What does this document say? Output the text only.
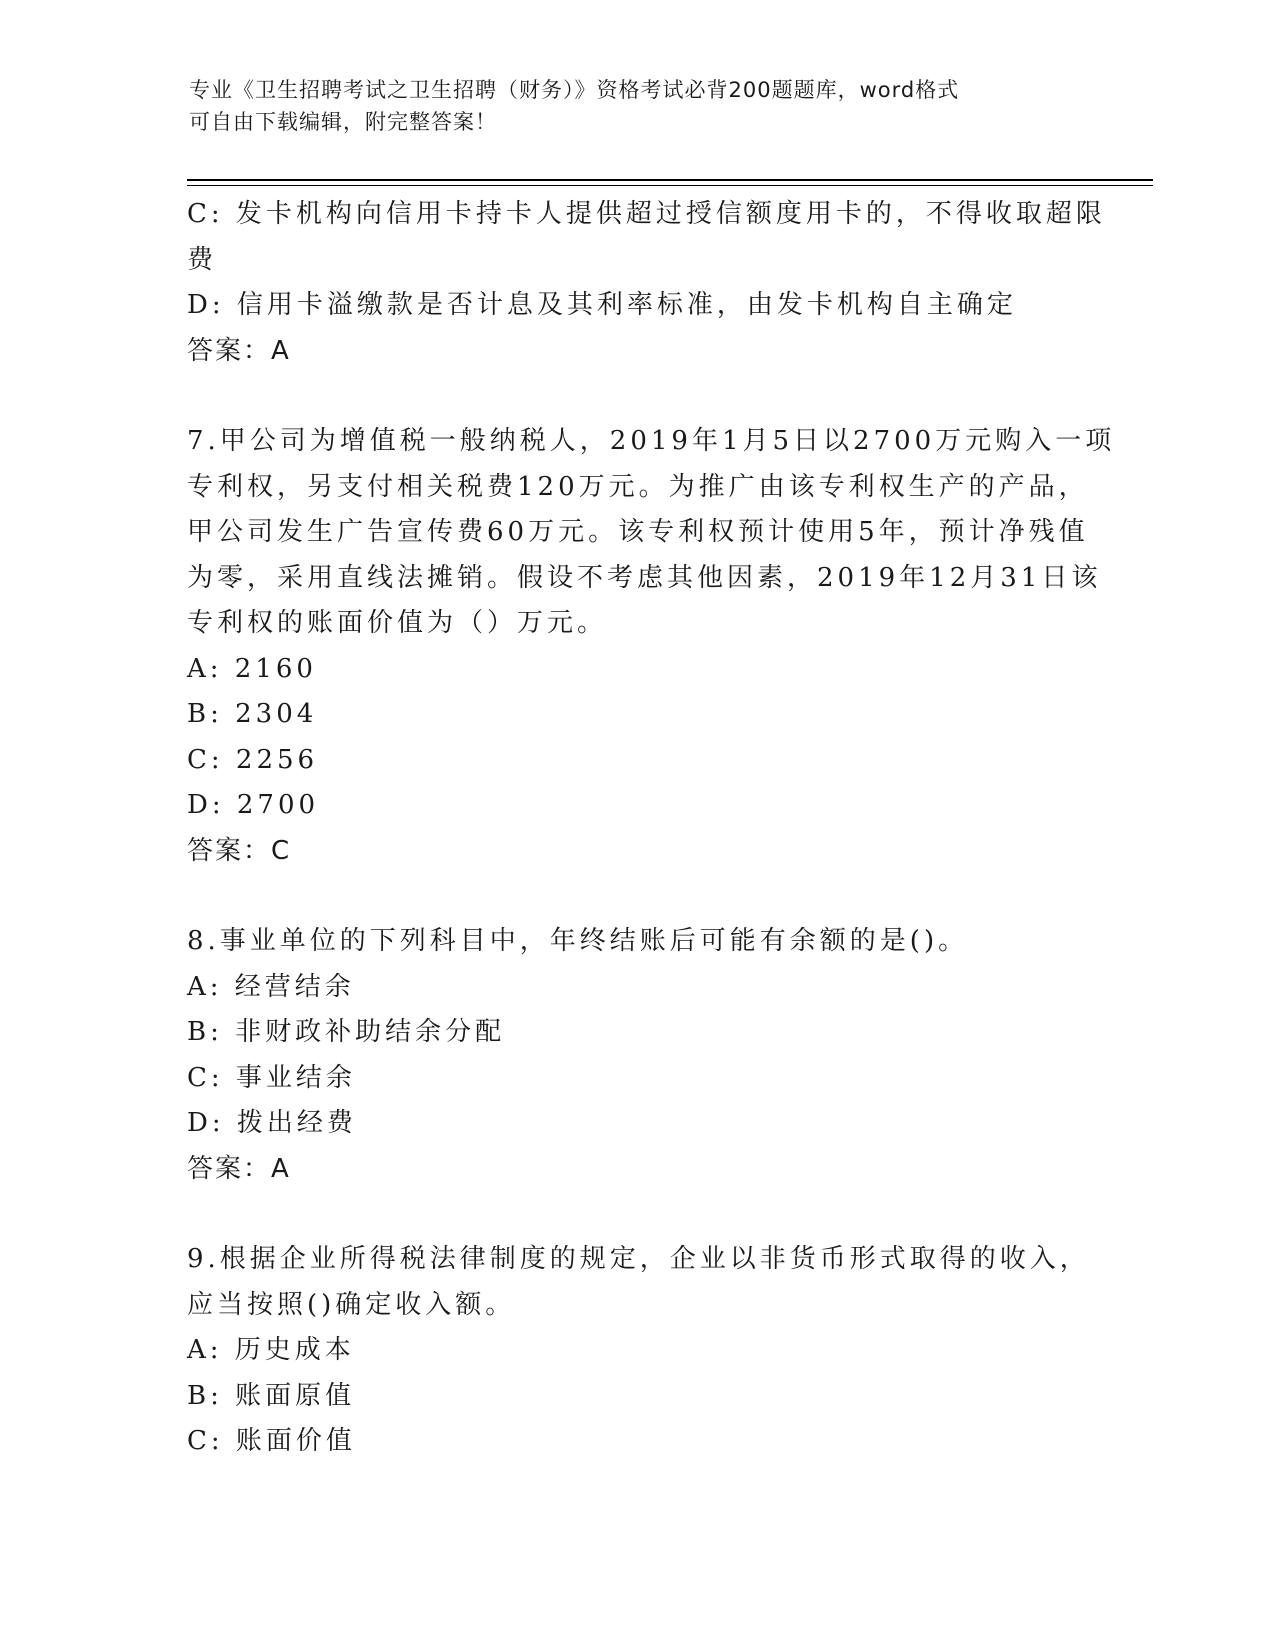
专业《卫生招聘考试之卫生招聘（财务）》资格考试必背200题题库，word格式
可自由下载编辑，附完整答案！
C: 发卡机构向信用卡持卡人提供超过授信额度用卡的，不得收取超限
费
D: 信用卡溢缴款是否计息及其利率标准，由发卡机构自主确定
答案：A
7.甲公司为增值税一般纳税人，2019年1月5日以2700万元购入一项
专利权，另支付相关税费120万元。为推广由该专利权生产的产品，
甲公司发生广告宣传费60万元。该专利权预计使用5年，预计净残值
为零，采用直线法摊销。假设不考虑其他因素，2019年12月31日该
专利权的账面价值为（）万元。
A: 2160
B: 2304
C: 2256
D: 2700
答案：C
8.事业单位的下列科目中，年终结账后可能有余额的是()。
A: 经营结余
B: 非财政补助结余分配
C: 事业结余
D: 拨出经费
答案：A
9.根据企业所得税法律制度的规定，企业以非货币形式取得的收入，
应当按照()确定收入额。
A: 历史成本
B: 账面原值
C: 账面价值
